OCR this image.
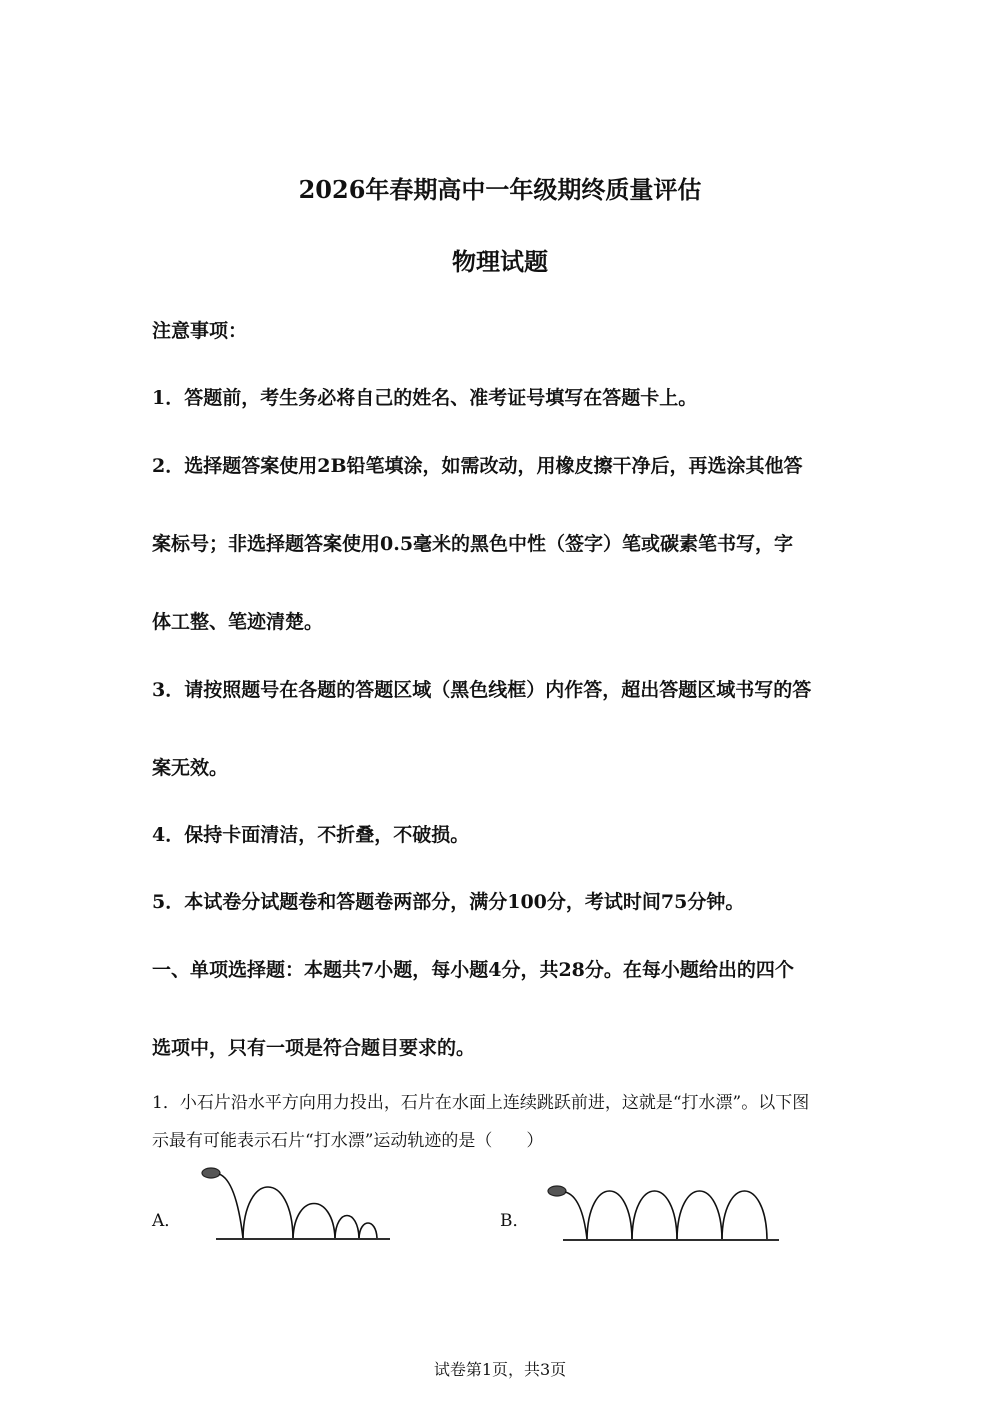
2026年春期高中一年级期终质量评估
物理试题
注意事项：
1．答题前，考生务必将自己的姓名、准考证号填写在答题卡上。
2．选择题答案使用2B铅笔填涂，如需改动，用橡皮擦干净后，再选涂其他答
案标号；非选择题答案使用0.5毫米的黑色中性（签字）笔或碳素笔书写，字
体工整、笔迹清楚。
3．请按照题号在各题的答题区域（黑色线框）内作答，超出答题区域书写的答
案无效。
4．保持卡面清洁，不折叠，不破损。
5．本试卷分试题卷和答题卷两部分，满分100分，考试时间75分钟。
一、单项选择题：本题共7小题，每小题4分，共28分。在每小题给出的四个
选项中，只有一项是符合题目要求的。
1．小石片沿水平方向用力投出，石片在水面上连续跳跃前进，这就是“打水漂”。以下图
示最有可能表示石片“打水漂”运动轨迹的是（　　）
A．	B．
试卷第1页，共3页
